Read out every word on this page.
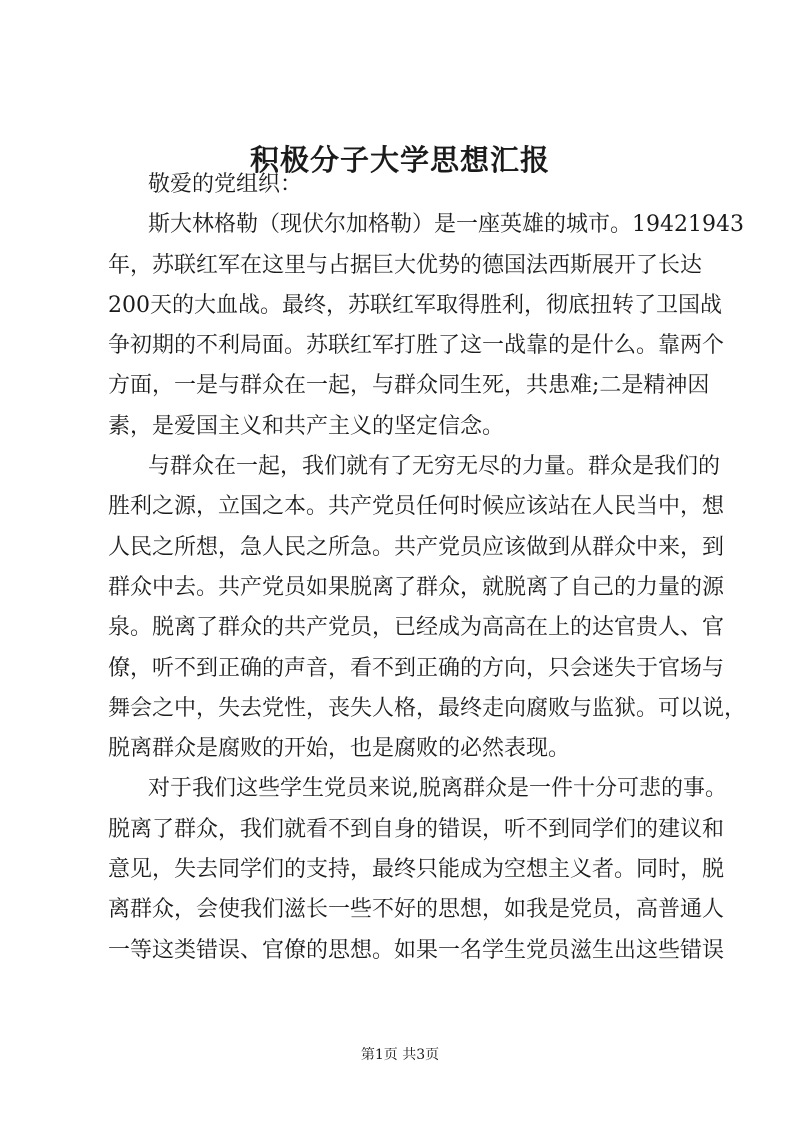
积极分子大学思想汇报
敬爱的党组织：
斯大林格勒（现伏尔加格勒）是一座英雄的城市。19421943
年，苏联红军在这里与占据巨大优势的德国法西斯展开了长达
200天的大血战。最终，苏联红军取得胜利，彻底扭转了卫国战
争初期的不利局面。苏联红军打胜了这一战靠的是什么。靠两个
方面，一是与群众在一起，与群众同生死，共患难;二是精神因
素，是爱国主义和共产主义的坚定信念。
与群众在一起，我们就有了无穷无尽的力量。群众是我们的
胜利之源，立国之本。共产党员任何时候应该站在人民当中，想
人民之所想，急人民之所急。共产党员应该做到从群众中来，到
群众中去。共产党员如果脱离了群众，就脱离了自己的力量的源
泉。脱离了群众的共产党员，已经成为高高在上的达官贵人、官
僚，听不到正确的声音，看不到正确的方向，只会迷失于官场与
舞会之中，失去党性，丧失人格，最终走向腐败与监狱。可以说，
脱离群众是腐败的开始，也是腐败的必然表现。
对于我们这些学生党员来说,脱离群众是一件十分可悲的事。
脱离了群众，我们就看不到自身的错误，听不到同学们的建议和
意见，失去同学们的支持，最终只能成为空想主义者。同时，脱
离群众，会使我们滋长一些不好的思想，如我是党员，高普通人
一等这类错误、官僚的思想。如果一名学生党员滋生出这些错误
第1页 共3页
